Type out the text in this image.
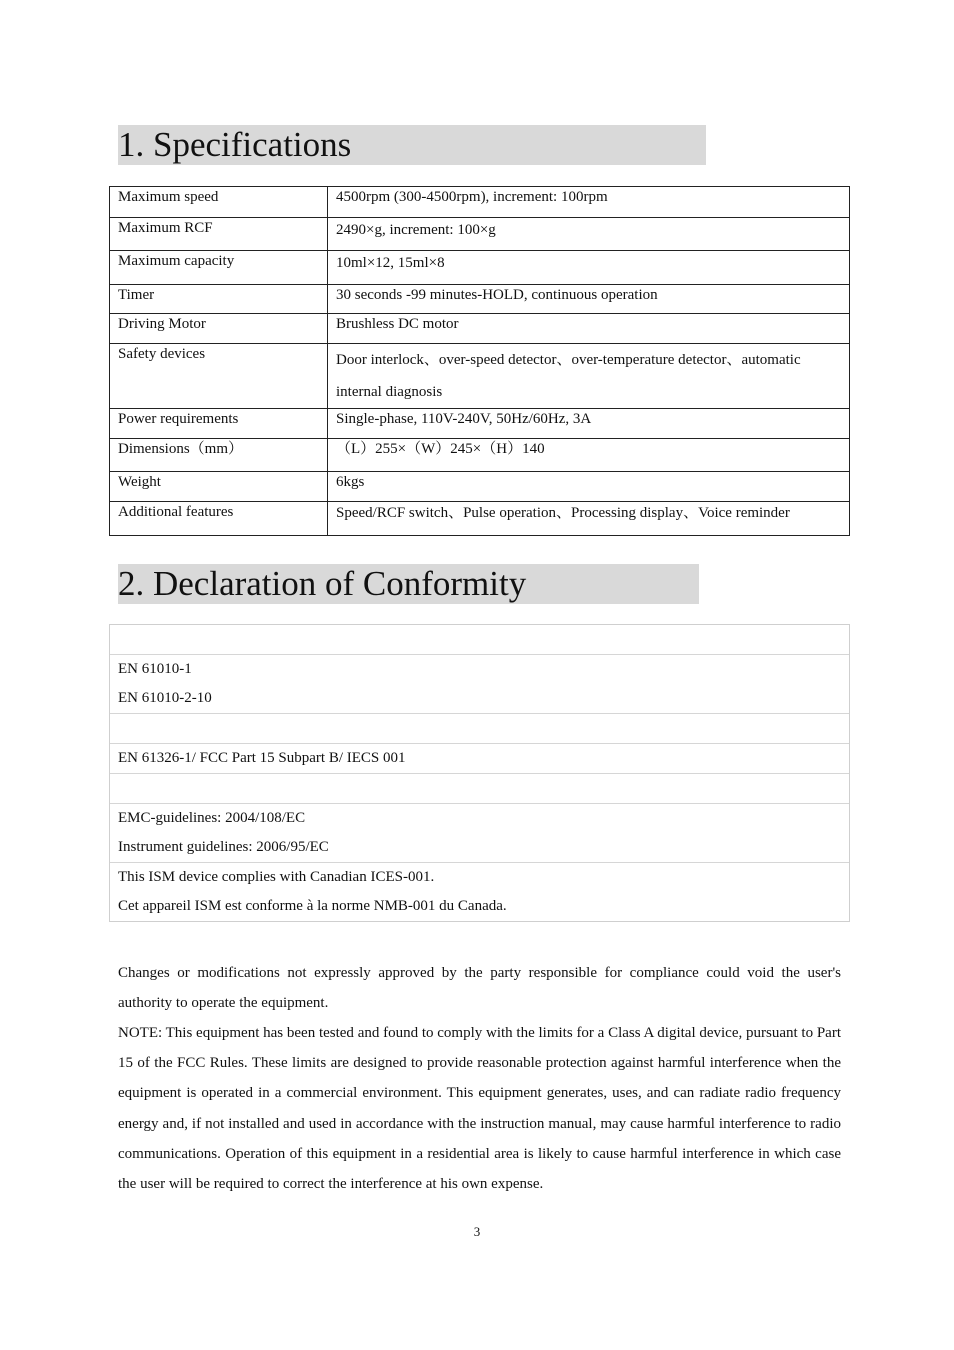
1. Specifications
Maximum speed	4500rpm (300-4500rpm), increment: 100rpm
Maximum RCF	2490×g, increment: 100×g
Maximum capacity	10ml×12, 15ml×8
Timer	30 seconds -99 minutes-HOLD, continuous operation
Driving Motor	Brushless DC motor
Safety devices	Door interlock、over-speed detector、over-temperature detector、automatic internal diagnosis
Power requirements	Single-phase, 110V-240V, 50Hz/60Hz, 3A
Dimensions（mm）	（L）255×（W）245×（H）140
Weight	6kgs
Additional features	Speed/RCF switch、Pulse operation、Processing display、Voice reminder
2. Declaration of Conformity
EN 61010-1
EN 61010-2-10
EN 61326-1/ FCC Part 15 Subpart B/ IECS 001
EMC-guidelines: 2004/108/EC
Instrument guidelines: 2006/95/EC
This ISM device complies with Canadian ICES-001.
Cet appareil ISM est conforme à la norme NMB-001 du Canada.
Changes or modifications not expressly approved by the party responsible for compliance could void the user's authority to operate the equipment.
NOTE: This equipment has been tested and found to comply with the limits for a Class A digital device, pursuant to Part 15 of the FCC Rules. These limits are designed to provide reasonable protection against harmful interference when the equipment is operated in a commercial environment. This equipment generates, uses, and can radiate radio frequency energy and, if not installed and used in accordance with the instruction manual, may cause harmful interference to radio communications. Operation of this equipment in a residential area is likely to cause harmful interference in which case the user will be required to correct the interference at his own expense.
3
